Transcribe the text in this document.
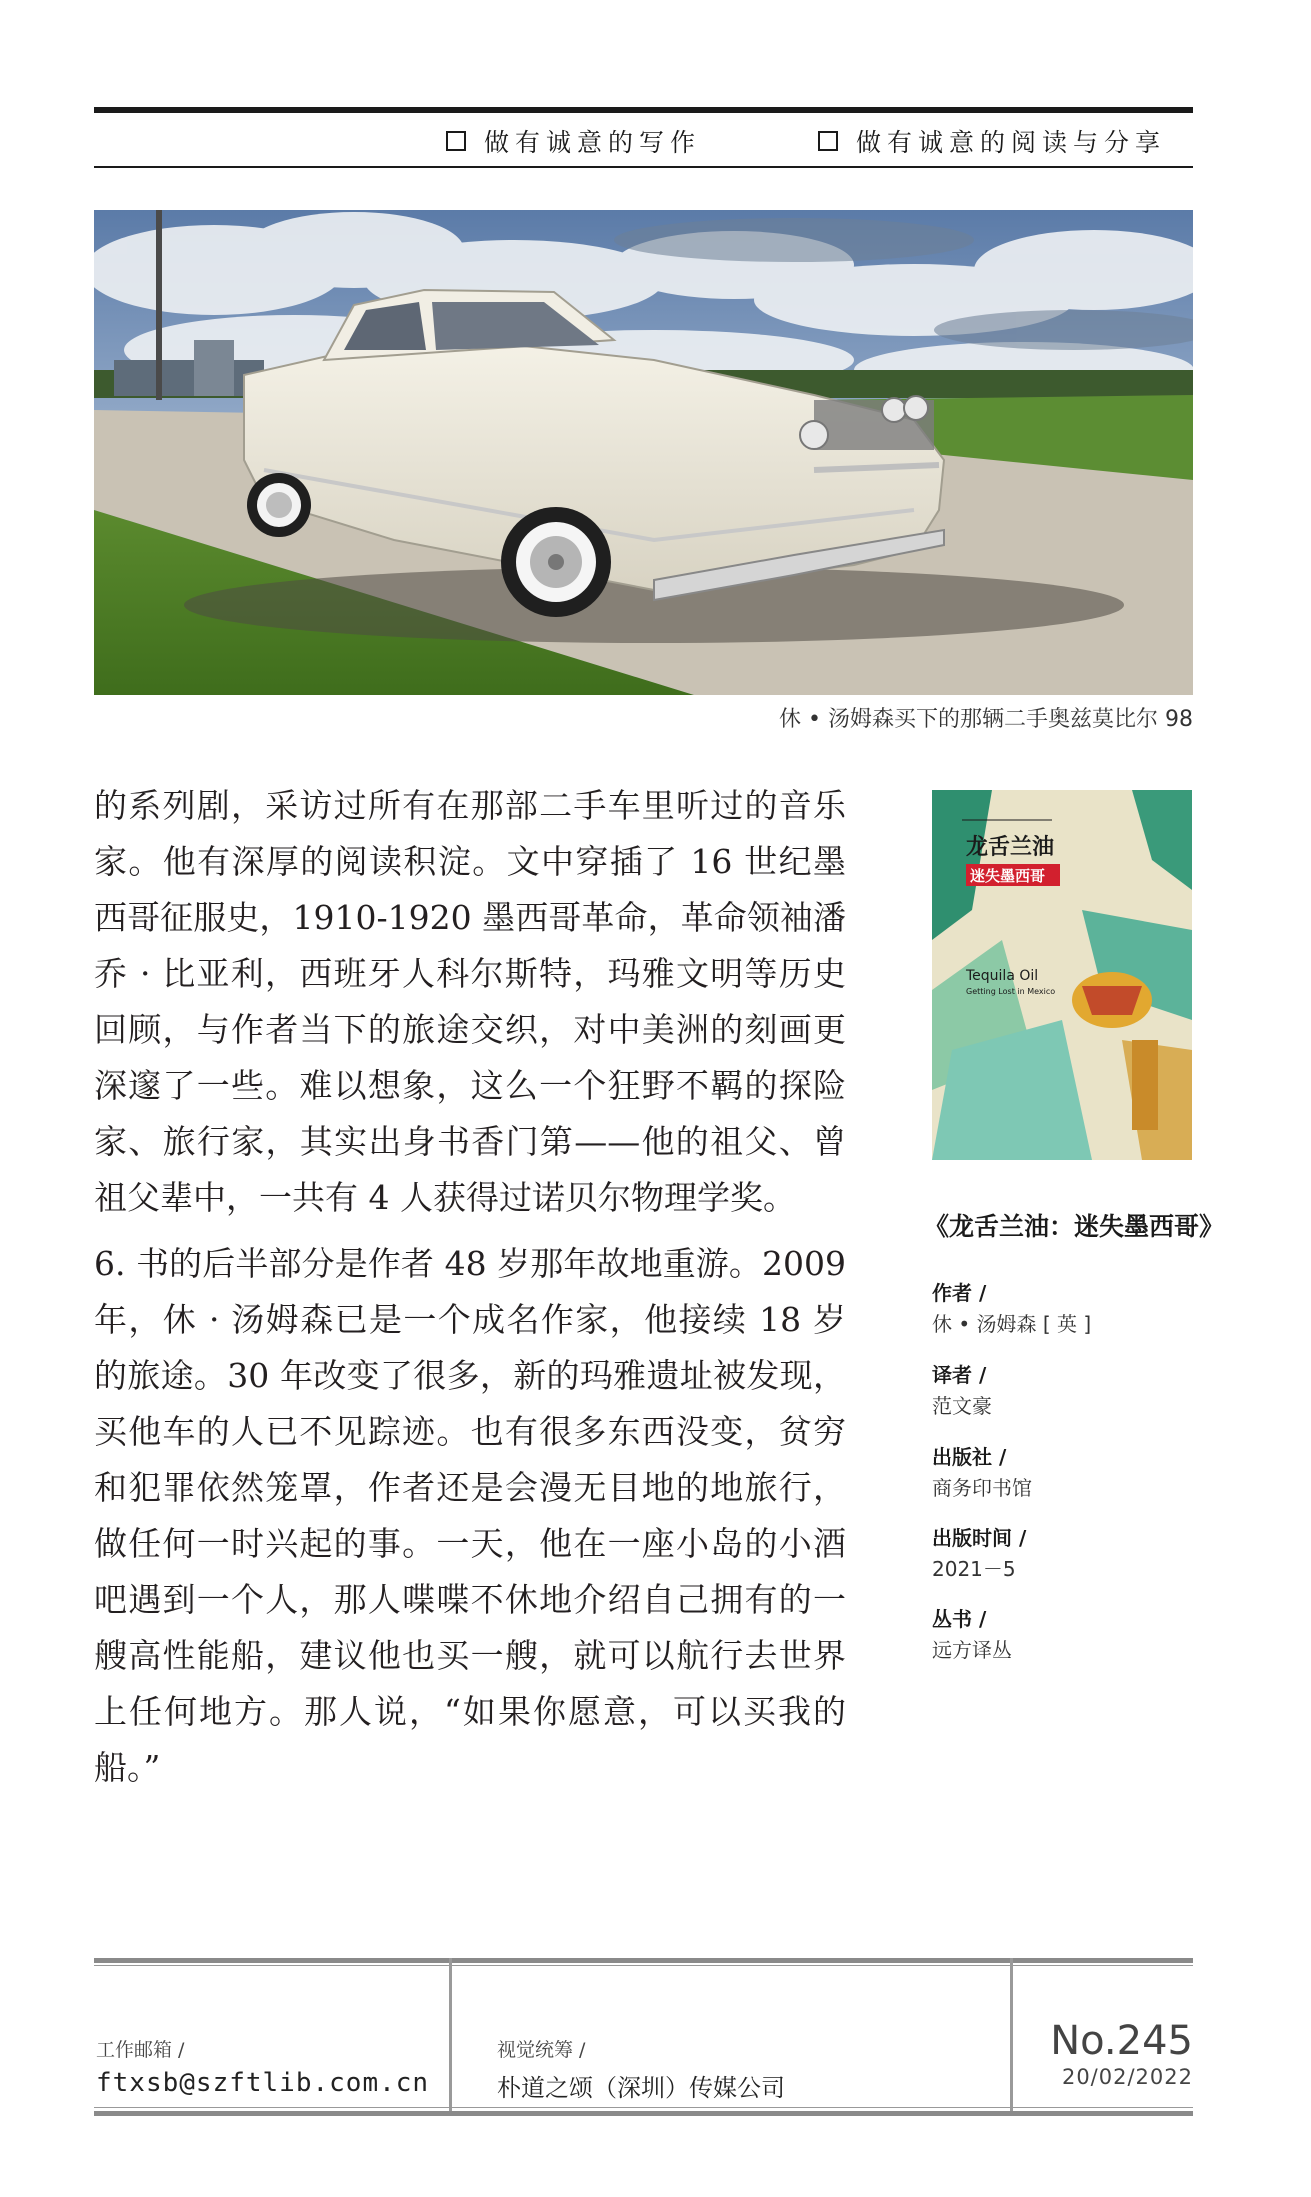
做有诚意的写作	做有诚意的阅读与分享
休 • 汤姆森买下的那辆二手奥兹莫比尔 98

的系列剧，采访过所有在那部二手车里听过的音乐家。他有深厚的阅读积淀。文中穿插了 16 世纪墨西哥征服史，1910-1920 墨西哥革命，革命领袖潘乔 · 比亚利，西班牙人科尔斯特，玛雅文明等历史回顾，与作者当下的旅途交织，对中美洲的刻画更深邃了一些。难以想象，这么一个狂野不羁的探险家、旅行家，其实出身书香门第——他的祖父、曾祖父辈中，一共有 4 人获得过诺贝尔物理学奖。

6. 书的后半部分是作者 48 岁那年故地重游。2009 年，休 · 汤姆森已是一个成名作家，他接续 18 岁的旅途。30 年改变了很多，新的玛雅遗址被发现，买他车的人已不见踪迹。也有很多东西没变，贫穷和犯罪依然笼罩，作者还是会漫无目地的地旅行，做任何一时兴起的事。一天，他在一座小岛的小酒吧遇到一个人，那人喋喋不休地介绍自己拥有的一艘高性能船，建议他也买一艘，就可以航行去世界上任何地方。那人说，“如果你愿意，可以买我的船。”

龙舌兰油
迷失墨西哥
Tequila Oil
Getting Lost in Mexico
《龙舌兰油：迷失墨西哥》
作者 /
休 • 汤姆森 [ 英 ]
译者 /
范文豪
出版社 /
商务印书馆
出版时间 /
2021－5
丛书 /
远方译丛
工作邮箱 /
ftxsb@szftlib.com.cn
视觉统筹 /
朴道之颂（深圳）传媒公司
No.245
20/02/2022
